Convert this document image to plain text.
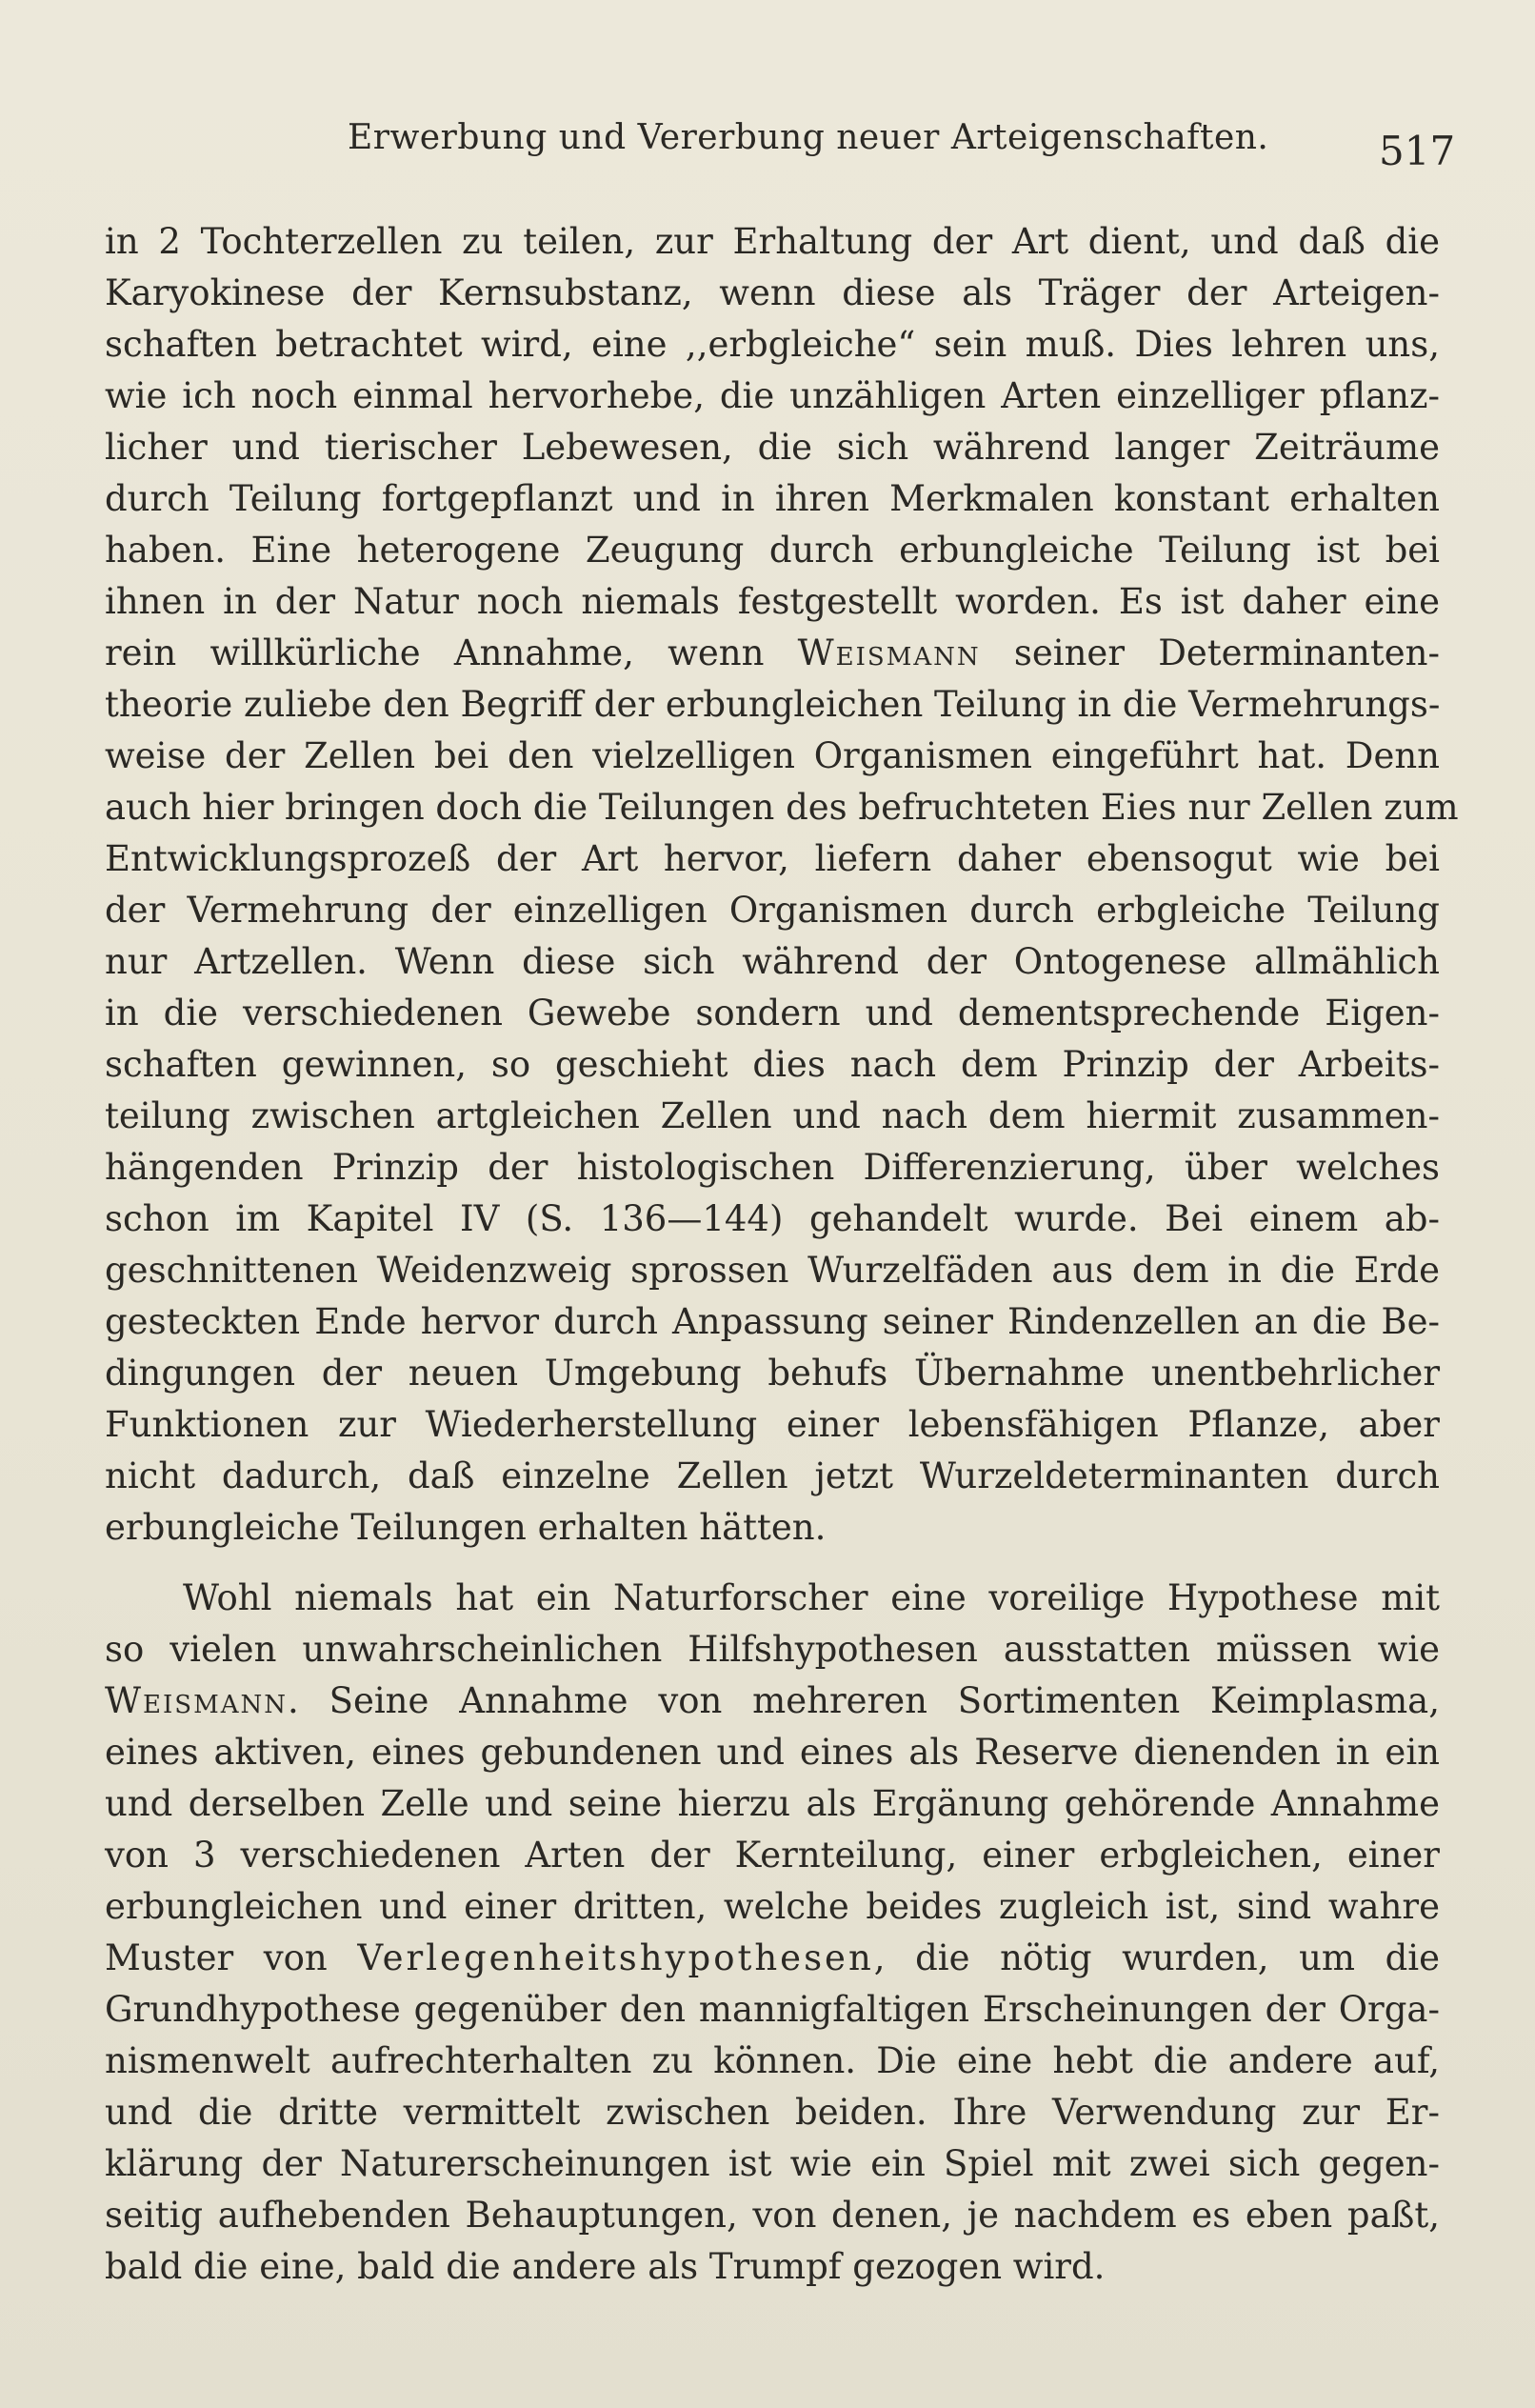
Erwerbung und Vererbung neuer Arteigenschaften.	517
in 2 Tochterzellen zu teilen, zur Erhaltung der Art dient, und daß die
Karyokinese der Kernsubstanz, wenn diese als Träger der Arteigen-
schaften betrachtet wird, eine ,,erbgleiche“ sein muß. Dies lehren uns,
wie ich noch einmal hervorhebe, die unzähligen Arten einzelliger pflanz-
licher und tierischer Lebewesen, die sich während langer Zeiträume
durch Teilung fortgepflanzt und in ihren Merkmalen konstant erhalten
haben. Eine heterogene Zeugung durch erbungleiche Teilung ist bei
ihnen in der Natur noch niemals festgestellt worden. Es ist daher eine
rein willkürliche Annahme, wenn Weismann seiner Determinanten-
theorie zuliebe den Begriff der erbungleichen Teilung in die Vermehrungs-
weise der Zellen bei den vielzelligen Organismen eingeführt hat. Denn
auch hier bringen doch die Teilungen des befruchteten Eies nur Zellen zum
Entwicklungsprozeß der Art hervor, liefern daher ebensogut wie bei
der Vermehrung der einzelligen Organismen durch erbgleiche Teilung
nur Artzellen. Wenn diese sich während der Ontogenese allmählich
in die verschiedenen Gewebe sondern und dementsprechende Eigen-
schaften gewinnen, so geschieht dies nach dem Prinzip der Arbeits-
teilung zwischen artgleichen Zellen und nach dem hiermit zusammen-
hängenden Prinzip der histologischen Differenzierung, über welches
schon im Kapitel IV (S. 136—144) gehandelt wurde. Bei einem ab-
geschnittenen Weidenzweig sprossen Wurzelfäden aus dem in die Erde
gesteckten Ende hervor durch Anpassung seiner Rindenzellen an die Be-
dingungen der neuen Umgebung behufs Übernahme unentbehrlicher
Funktionen zur Wiederherstellung einer lebensfähigen Pflanze, aber
nicht dadurch, daß einzelne Zellen jetzt Wurzeldeterminanten durch
erbungleiche Teilungen erhalten hätten.
Wohl niemals hat ein Naturforscher eine voreilige Hypothese mit
so vielen unwahrscheinlichen Hilfshypothesen ausstatten müssen wie
Weismann. Seine Annahme von mehreren Sortimenten Keimplasma,
eines aktiven, eines gebundenen und eines als Reserve dienenden in ein
und derselben Zelle und seine hierzu als Ergänung gehörende Annahme
von 3 verschiedenen Arten der Kernteilung, einer erbgleichen, einer
erbungleichen und einer dritten, welche beides zugleich ist, sind wahre
Muster von Verlegenheitshypothesen, die nötig wurden, um die
Grundhypothese gegenüber den mannigfaltigen Erscheinungen der Orga-
nismenwelt aufrechterhalten zu können. Die eine hebt die andere auf,
und die dritte vermittelt zwischen beiden. Ihre Verwendung zur Er-
klärung der Naturerscheinungen ist wie ein Spiel mit zwei sich gegen-
seitig aufhebenden Behauptungen, von denen, je nachdem es eben paßt,
bald die eine, bald die andere als Trumpf gezogen wird.
